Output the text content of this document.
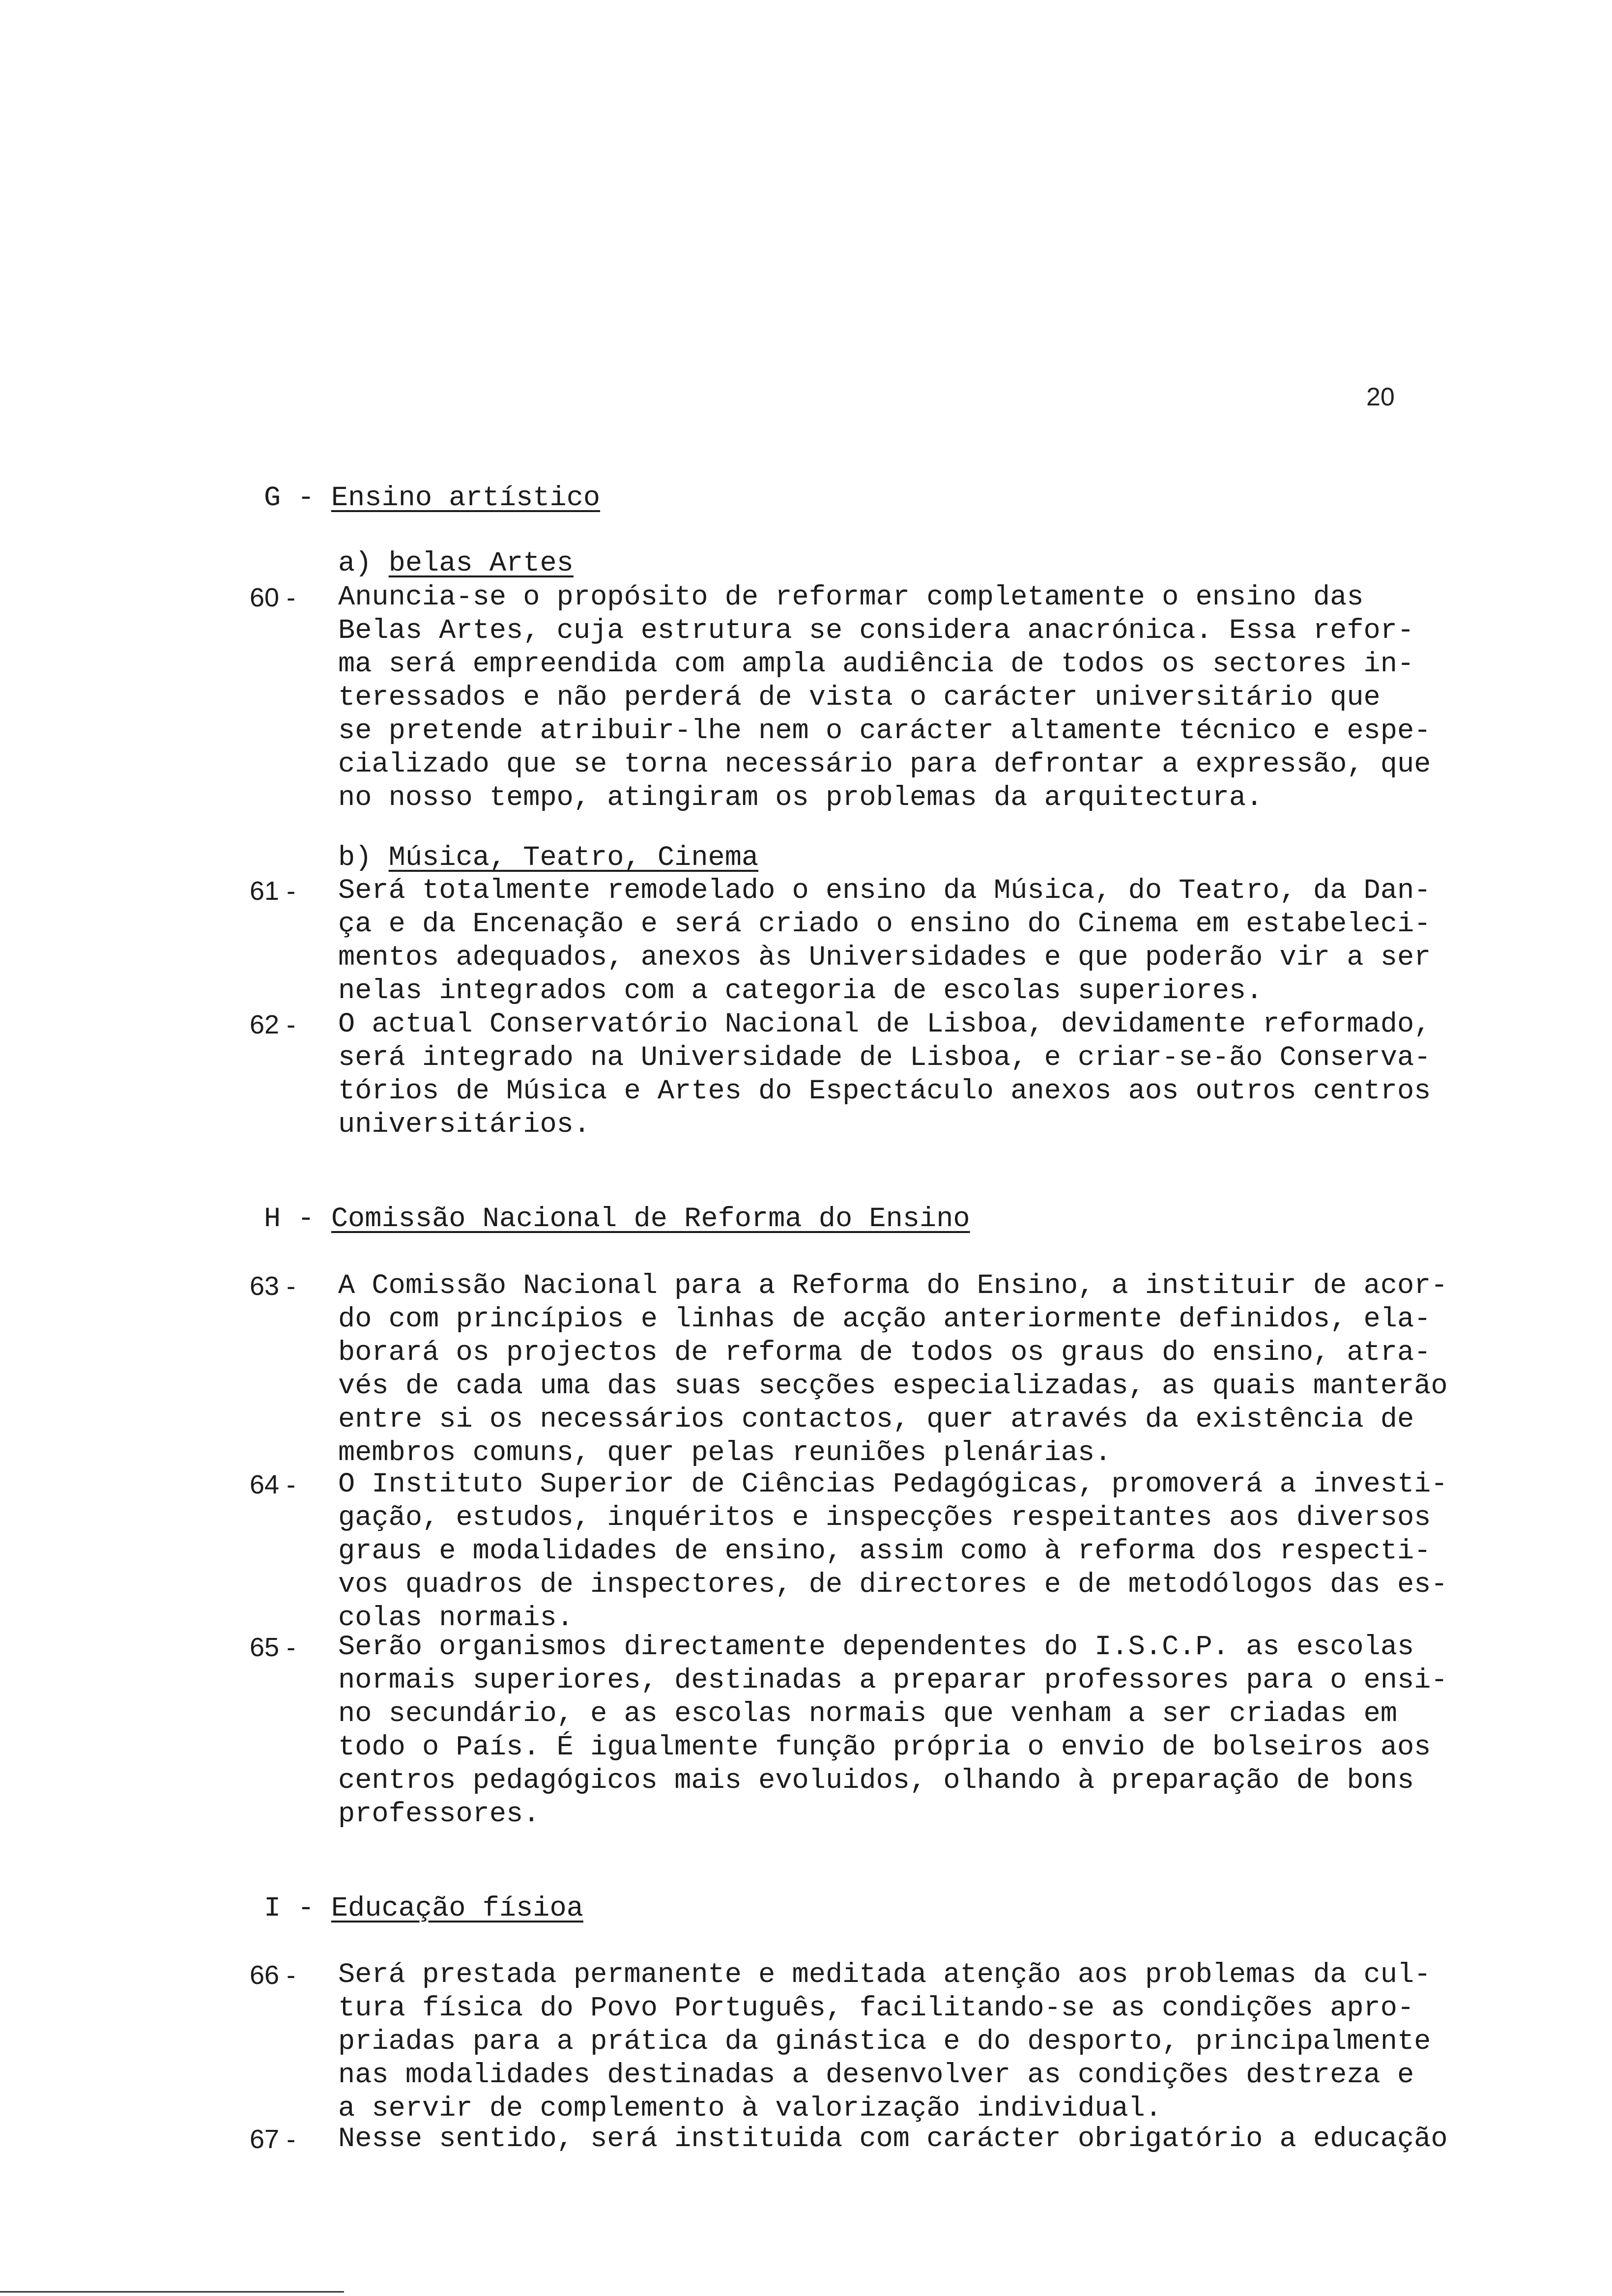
20
G - Ensino artístico
a) belas Artes
60 - Anuncia-se o propósito de reformar completamente o ensino das
Belas Artes, cuja estrutura se considera anacrónica. Essa refor-
ma será empreendida com ampla audiência de todos os sectores in-
teressados e não perderá de vista o carácter universitário que
se pretende atribuir-lhe nem o carácter altamente técnico e espe-
cializado que se torna necessário para defrontar a expressão, que
no nosso tempo, atingiram os problemas da arquitectura.
b) Música, Teatro, Cinema
61 - Será totalmente remodelado o ensino da Música, do Teatro, da Dan-
ça e da Encenação e será criado o ensino do Cinema em estabeleci-
mentos adequados, anexos às Universidades e que poderão vir a ser
nelas integrados com a categoria de escolas superiores.
62 - O actual Conservatório Nacional de Lisboa, devidamente reformado,
será integrado na Universidade de Lisboa, e criar-se-ão Conserva-
tórios de Música e Artes do Espectáculo anexos aos outros centros
universitários.
H - Comissão Nacional de Reforma do Ensino
63 - A Comissão Nacional para a Reforma do Ensino, a instituir de acor-
do com princípios e linhas de acção anteriormente definidos, ela-
borará os projectos de reforma de todos os graus do ensino, atra-
vés de cada uma das suas secções especializadas, as quais manterão
entre si os necessários contactos, quer através da existência de
membros comuns, quer pelas reuniões plenárias.
64 - O Instituto Superior de Ciências Pedagógicas, promoverá a investi-
gação, estudos, inquéritos e inspecções respeitantes aos diversos
graus e modalidades de ensino, assim como à reforma dos respecti-
vos quadros de inspectores, de directores e de metodólogos das es-
colas normais.
65 - Serão organismos directamente dependentes do I.S.C.P. as escolas
normais superiores, destinadas a preparar professores para o ensi-
no secundário, e as escolas normais que venham a ser criadas em
todo o País. É igualmente função própria o envio de bolseiros aos
centros pedagógicos mais evoluidos, olhando à preparação de bons
professores.
I - Educação físioa
66 - Será prestada permanente e meditada atenção aos problemas da cul-
tura física do Povo Português, facilitando-se as condições apro-
priadas para a prática da ginástica e do desporto, principalmente
nas modalidades destinadas a desenvolver as condições destreza e
a servir de complemento à valorização individual.
67 - Nesse sentido, será instituida com carácter obrigatório a educação
